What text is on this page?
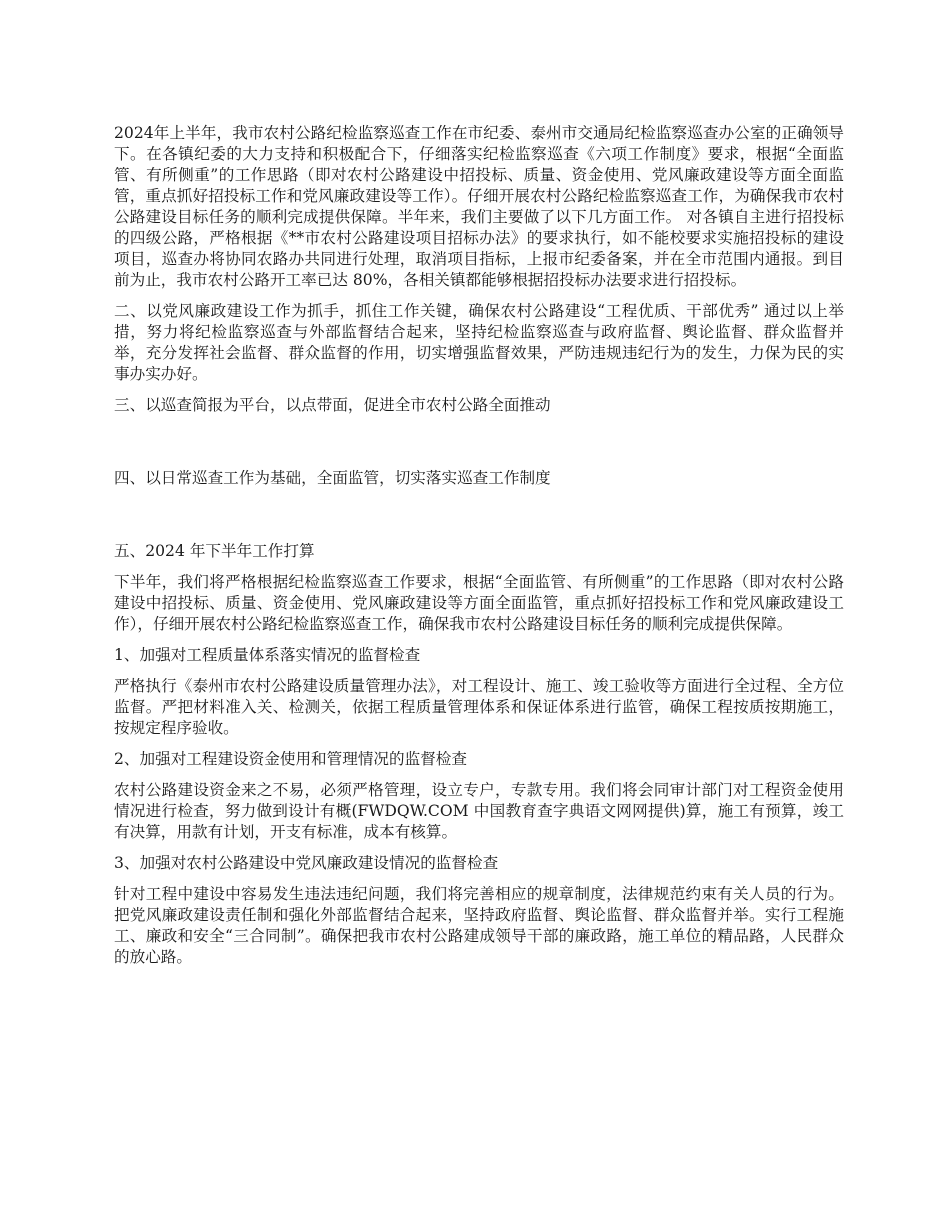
2024年上半年，我市农村公路纪检监察巡查工作在市纪委、泰州市交通局纪检监察巡查办公室的正确领导下。在各镇纪委的大力支持和积极配合下，仔细落实纪检监察巡查《六项工作制度》要求，根据“全面监管、有所侧重”的工作思路（即对农村公路建设中招投标、质量、资金使用、党风廉政建设等方面全面监管，重点抓好招投标工作和党风廉政建设等工作）。仔细开展农村公路纪检监察巡查工作，为确保我市农村公路建设目标任务的顺利完成提供保障。半年来，我们主要做了以下几方面工作。 对各镇自主进行招投标的四级公路，严格根据《**市农村公路建设项目招标办法》的要求执行，如不能校要求实施招投标的建设项目，巡查办将协同农路办共同进行处理，取消项目指标，上报市纪委备案，并在全市范围内通报。到目前为止，我市农村公路开工率已达 80%，各相关镇都能够根据招投标办法要求进行招投标。

二、以党风廉政建设工作为抓手，抓住工作关键，确保农村公路建设“工程优质、干部优秀” 通过以上举措，努力将纪检监察巡查与外部监督结合起来，坚持纪检监察巡查与政府监督、舆论监督、群众监督并举，充分发挥社会监督、群众监督的作用，切实增强监督效果，严防违规违纪行为的发生，力保为民的实事办实办好。

三、以巡查简报为平台，以点带面，促进全市农村公路全面推动

四、以日常巡查工作为基础，全面监管，切实落实巡查工作制度

五、2024 年下半年工作打算

下半年，我们将严格根据纪检监察巡查工作要求，根据“全面监管、有所侧重”的工作思路（即对农村公路建设中招投标、质量、资金使用、党风廉政建设等方面全面监管，重点抓好招投标工作和党风廉政建设工作），仔细开展农村公路纪检监察巡查工作，确保我市农村公路建设目标任务的顺利完成提供保障。

1、加强对工程质量体系落实情况的监督检查

严格执行《泰州市农村公路建设质量管理办法》，对工程设计、施工、竣工验收等方面进行全过程、全方位监督。严把材料准入关、检测关，依据工程质量管理体系和保证体系进行监管，确保工程按质按期施工，按规定程序验收。

2、加强对工程建设资金使用和管理情况的监督检查

农村公路建设资金来之不易，必须严格管理，设立专户，专款专用。我们将会同审计部门对工程资金使用情况进行检查，努力做到设计有概(FWDQW.COM 中国教育查字典语文网网提供)算，施工有预算，竣工有决算，用款有计划，开支有标准，成本有核算。

3、加强对农村公路建设中党风廉政建设情况的监督检查

针对工程中建设中容易发生违法违纪问题，我们将完善相应的规章制度，法律规范约束有关人员的行为。把党风廉政建设责任制和强化外部监督结合起来，坚持政府监督、舆论监督、群众监督并举。实行工程施工、廉政和安全“三合同制”。确保把我市农村公路建成领导干部的廉政路，施工单位的精品路，人民群众的放心路。
